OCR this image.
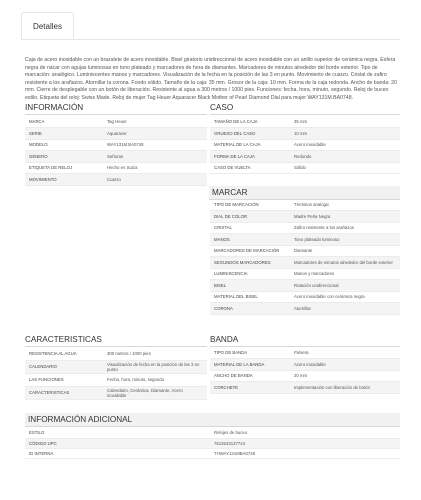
Detalles
Caja de acero inoxidable con un brazalete de acero inoxidable. Bisel giratorio unidireccional de acero inoxidable con un anillo superior de cerámica negra. Esfera negra de nácar con agujas luminosas en tono plateado y marcadores de hora de diamantes. Marcadores de minutos alrededor del borde exterior. Tipo de marcación: analógico. Luminiscentes manos y marcadores. Visualización de la fecha en la posición de las 3 en punto. Movimiento de cuarzo. Cristal de zafiro resistente a los arañazos. Atornillar la corona. Fondo sólido. Tamaño de la caja: 35 mm. Grosor de la caja: 10 mm. Forma de la caja redonda. Ancho de banda: 20 mm. Cierre de desplegable con un botón de liberación. Resistente al agua a 300 metros / 1000 pies. Funciones: fecha, hora, minuto, segundo. Reloj de buceo estilo. Etiqueta del reloj: Swiss Made. Reloj de mujer Tag Heuer Aquaracer Black Mother of Pearl Diamond Dial para mujer WAY131M.BA0748.
INFORMACIÓN
MARCA	Tag Heuer
SERIE	Aquaracer
MODELO	WAY131M.BA0748
GÉNERO	Señoras
ETIQUETA DE RELOJ	Hecho en Suiza
MOVIMIENTO	Cuarzo
CASO
TAMAÑO DE LA CAJA	35 mm
GRUESO DEL CASO	10 mm
MATERIAL DE LA CAJA	Acero inoxidable
FORMA DE LA CAJA	Redondo
CASO DE VUELTA	Sólido
MARCAR
TIPO DE MARCACIÓN	Términos analógic
DIAL DE COLOR	Madre Perla Negra
CRISTAL	Zafiro resistente a los arañazos
MANOS	Tono plateado luminoso
MARCADORES DE MARCACIÓN	Diamante
SEGUNDOS MARCADORES	Marcadores de minutos alrededor del borde exterior
LUMINISCENCIA	Manos y marcadores
BISEL	Rotación unidireccional
MATERIAL DEL BISEL	Acero inoxidable con cerámica negra
CORONA	Atornillar
CARACTERISTICAS
RESISTENCIA AL AGUA	300 metros / 1000 pies
CALENDARIO	Visualización de fecha en la posición de las 3 en punto
LAS FUNCIONES	Fecha, hora, minuto, segundo
CARACTERISTICAS	Calendario, Cerámica, Diamante, Acero inoxidable
BANDA
TIPO DE BANDA	Pulsera
MATERIAL DE LA BANDA	Acero inoxidable
ANCHO DE BANDA	20 mm
CORCHETE	Implementación con liberación de botón
INFORMACIÓN ADICIONAL
ESTILO	Relojes de buceo
CÓDIGO UPC	7612533137744
ID INTERNA	THWAY131MBA0748
